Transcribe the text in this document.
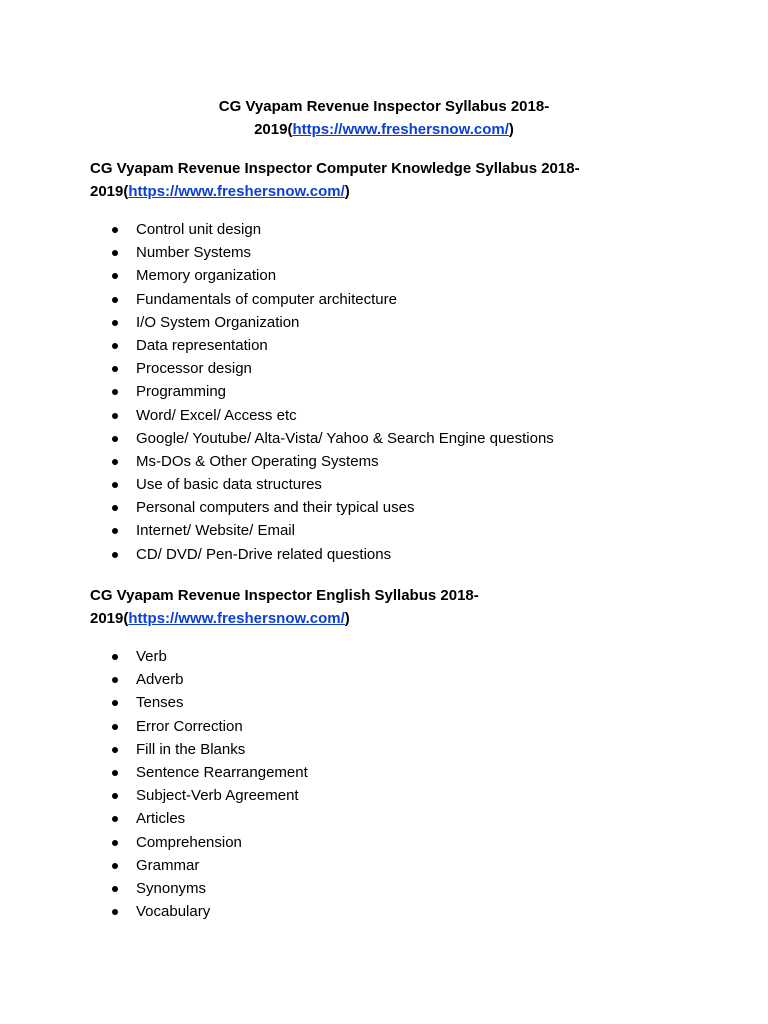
CG Vyapam Revenue Inspector Syllabus 2018-
2019(https://www.freshersnow.com/)
CG Vyapam Revenue Inspector Computer Knowledge Syllabus 2018-
2019(https://www.freshersnow.com/)
Control unit design
Number Systems
Memory organization
Fundamentals of computer architecture
I/O System Organization
Data representation
Processor design
Programming
Word/ Excel/ Access etc
Google/ Youtube/ Alta-Vista/ Yahoo & Search Engine questions
Ms-DOs & Other Operating Systems
Use of basic data structures
Personal computers and their typical uses
Internet/ Website/ Email
CD/ DVD/ Pen-Drive related questions
CG Vyapam Revenue Inspector English Syllabus 2018-
2019(https://www.freshersnow.com/)
Verb
Adverb
Tenses
Error Correction
Fill in the Blanks
Sentence Rearrangement
Subject-Verb Agreement
Articles
Comprehension
Grammar
Synonyms
Vocabulary
